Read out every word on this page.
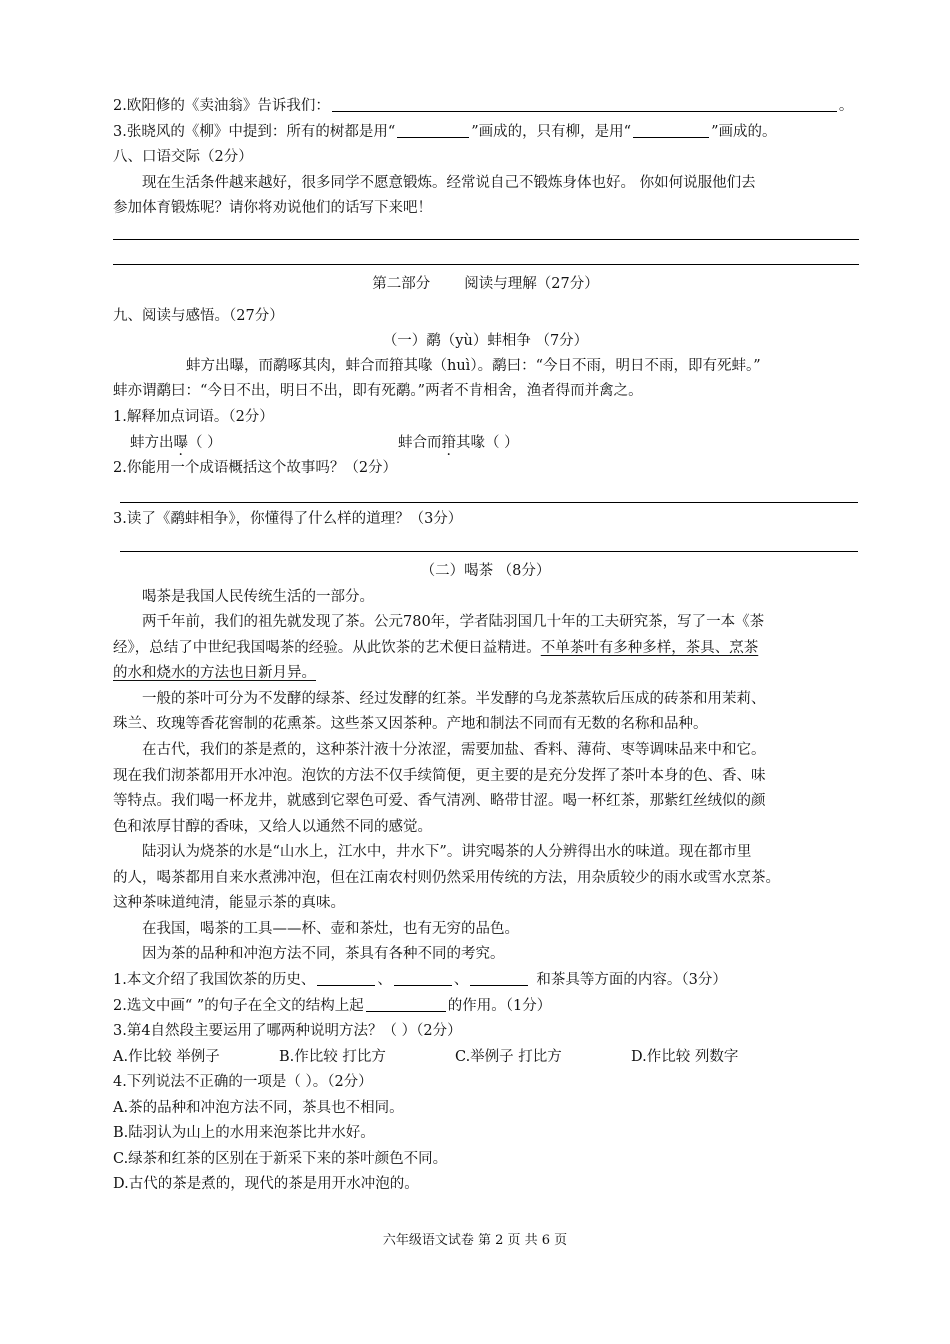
2.欧阳修的《卖油翁》告诉我们：	。
3.张晓风的《柳》中提到：所有的树都是用“	”画成的，只有柳，是用“	”画成的。
八、口语交际（2分）
现在生活条件越来越好，很多同学不愿意锻炼。经常说自己不锻炼身体也好。 你如何说服他们去
参加体育锻炼呢？请你将劝说他们的话写下来吧！
第二部分 阅读与理解（27分）
九、阅读与感悟。（27分）
（一）鹬（yù）蚌相争 （7分）
蚌方出曝，而鹬啄其肉，蚌合而箝其喙（huì）。鹬曰：“今日不雨，明日不雨，即有死蚌。”
蚌亦谓鹬曰：“今日不出，明日不出，即有死鹬。”两者不肯相舍，渔者得而并禽之。
1.解释加点词语。（2分）
蚌方出曝（ ）	蚌合而箝其喙（ ）
2.你能用一个成语概括这个故事吗？（2分）
3.读了《鹬蚌相争》，你懂得了什么样的道理？（3分）
（二）喝茶 （8分）
喝茶是我国人民传统生活的一部分。
两千年前，我们的祖先就发现了茶。公元780年，学者陆羽国几十年的工夫研究茶，写了一本《茶
经》，总结了中世纪我国喝茶的经验。从此饮茶的艺术便日益精进。不单茶叶有多种多样，茶具、烹茶
的水和烧水的方法也日新月异。
一般的茶叶可分为不发酵的绿茶、经过发酵的红茶。半发酵的乌龙茶蒸软后压成的砖茶和用茉莉、
珠兰、玫瑰等香花窖制的花熏茶。这些茶又因茶种。产地和制法不同而有无数的名称和品种。
在古代，我们的茶是煮的，这种茶汁液十分浓涩，需要加盐、香料、薄荷、枣等调味品来中和它。
现在我们沏茶都用开水冲泡。泡饮的方法不仅手续简便，更主要的是充分发挥了茶叶本身的色、香、味
等特点。我们喝一杯龙井，就感到它翠色可爱、香气清冽、略带甘涩。喝一杯红茶，那紫红丝绒似的颜
色和浓厚甘醇的香味，又给人以通然不同的感觉。
陆羽认为烧茶的水是“山水上，江水中，井水下”。讲究喝茶的人分辨得出水的味道。现在都市里
的人，喝茶都用自来水煮沸冲泡，但在江南农村则仍然采用传统的方法，用杂质较少的雨水或雪水烹茶。
这种茶味道纯清，能显示茶的真味。
在我国，喝茶的工具——杯、壶和茶灶，也有无穷的品色。
因为茶的品种和冲泡方法不同，茶具有各种不同的考究。
1.本文介绍了我国饮茶的历史、	、	、	和茶具等方面的内容。（3分）
2.选文中画“ ”的句子在全文的结构上起	的作用。（1分）
3.第4自然段主要运用了哪两种说明方法？（ ）（2分）
A.作比较 举例子	B.作比较 打比方	C.举例子 打比方	D.作比较 列数字
4.下列说法不正确的一项是（ ）。（2分）
A.茶的品种和冲泡方法不同，茶具也不相同。
B.陆羽认为山上的水用来泡茶比井水好。
C.绿茶和红茶的区别在于新采下来的茶叶颜色不同。
D.古代的茶是煮的，现代的茶是用开水冲泡的。
六年级语文试卷 第 2 页 共 6 页
